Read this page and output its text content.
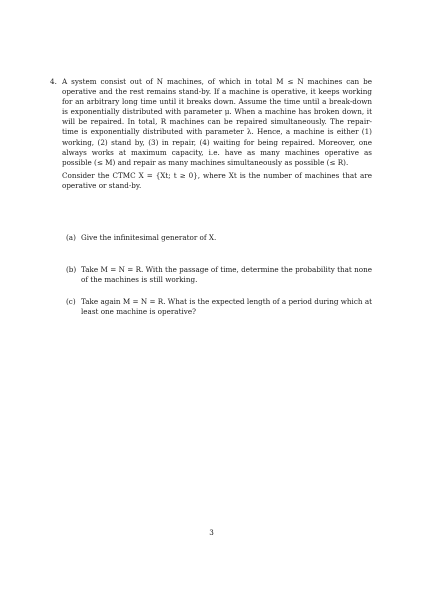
4. A system consist out of N machines, of which in total M ≤ N machines can be operative and the rest remains stand-by. If a machine is operative, it keeps working for an arbitrary long time until it breaks down. Assume the time until a break-down is exponentially distributed with parameter μ. When a machine has broken down, it will be repaired. In total, R machines can be repaired simultaneously. The repair-time is exponentially distributed with parameter λ. Hence, a machine is either (1) working, (2) stand by, (3) in repair, (4) waiting for being repaired. Moreover, one always works at maximum capacity, i.e. have as many machines operative as possible (≤ M) and repair as many machines simultaneously as possible (≤ R).

Consider the CTMC X = {Xt; t ≥ 0}, where Xt is the number of machines that are operative or stand-by.

(a) Give the infinitesimal generator of X.
(b) Take M = N = R. With the passage of time, determine the probability that none of the machines is still working.
(c) Take again M = N = R. What is the expected length of a period during which at least one machine is operative?
3
